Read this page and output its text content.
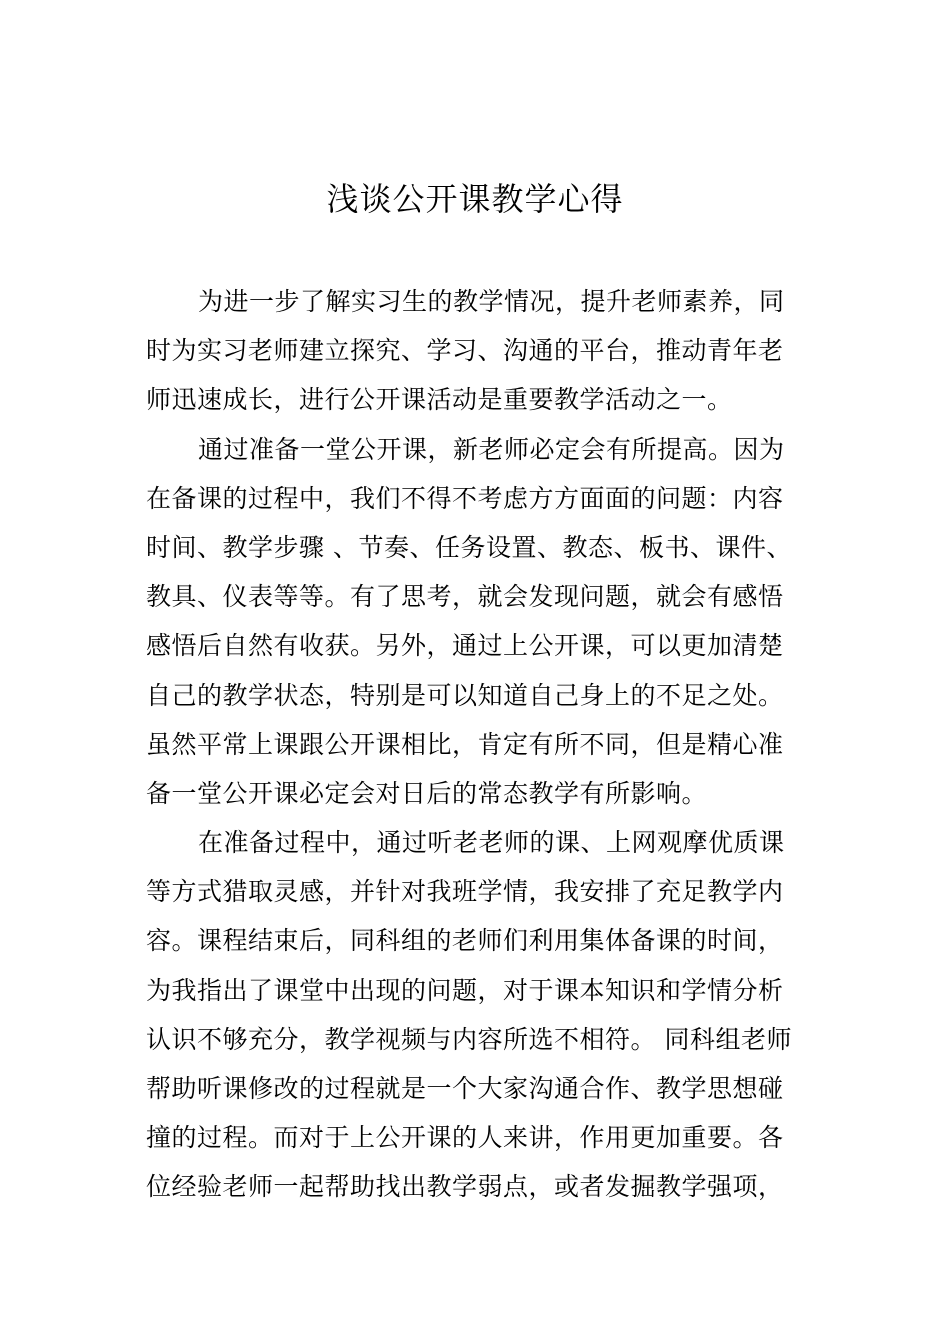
浅谈公开课教学心得
为进一步了解实习生的教学情况，提升老师素养，同
时为实习老师建立探究、学习、沟通的平台，推动青年老
师迅速成长，进行公开课活动是重要教学活动之一。
通过准备一堂公开课，新老师必定会有所提高。因为
在备课的过程中，我们不得不考虑方方面面的问题：内容
时间、教学步骤 、节奏、任务设置、教态、板书、课件、
教具、仪表等等。有了思考，就会发现问题，就会有感悟
感悟后自然有收获。另外，通过上公开课，可以更加清楚
自己的教学状态，特别是可以知道自己身上的不足之处。
虽然平常上课跟公开课相比，肯定有所不同，但是精心准
备一堂公开课必定会对日后的常态教学有所影响。
在准备过程中，通过听老老师的课、上网观摩优质课
等方式猎取灵感，并针对我班学情，我安排了充足教学内
容。课程结束后，同科组的老师们利用集体备课的时间，
为我指出了课堂中出现的问题，对于课本知识和学情分析
认识不够充分，教学视频与内容所选不相符。 同科组老师
帮助听课修改的过程就是一个大家沟通合作、教学思想碰
撞的过程。而对于上公开课的人来讲，作用更加重要。各
位经验老师一起帮助找出教学弱点，或者发掘教学强项，
